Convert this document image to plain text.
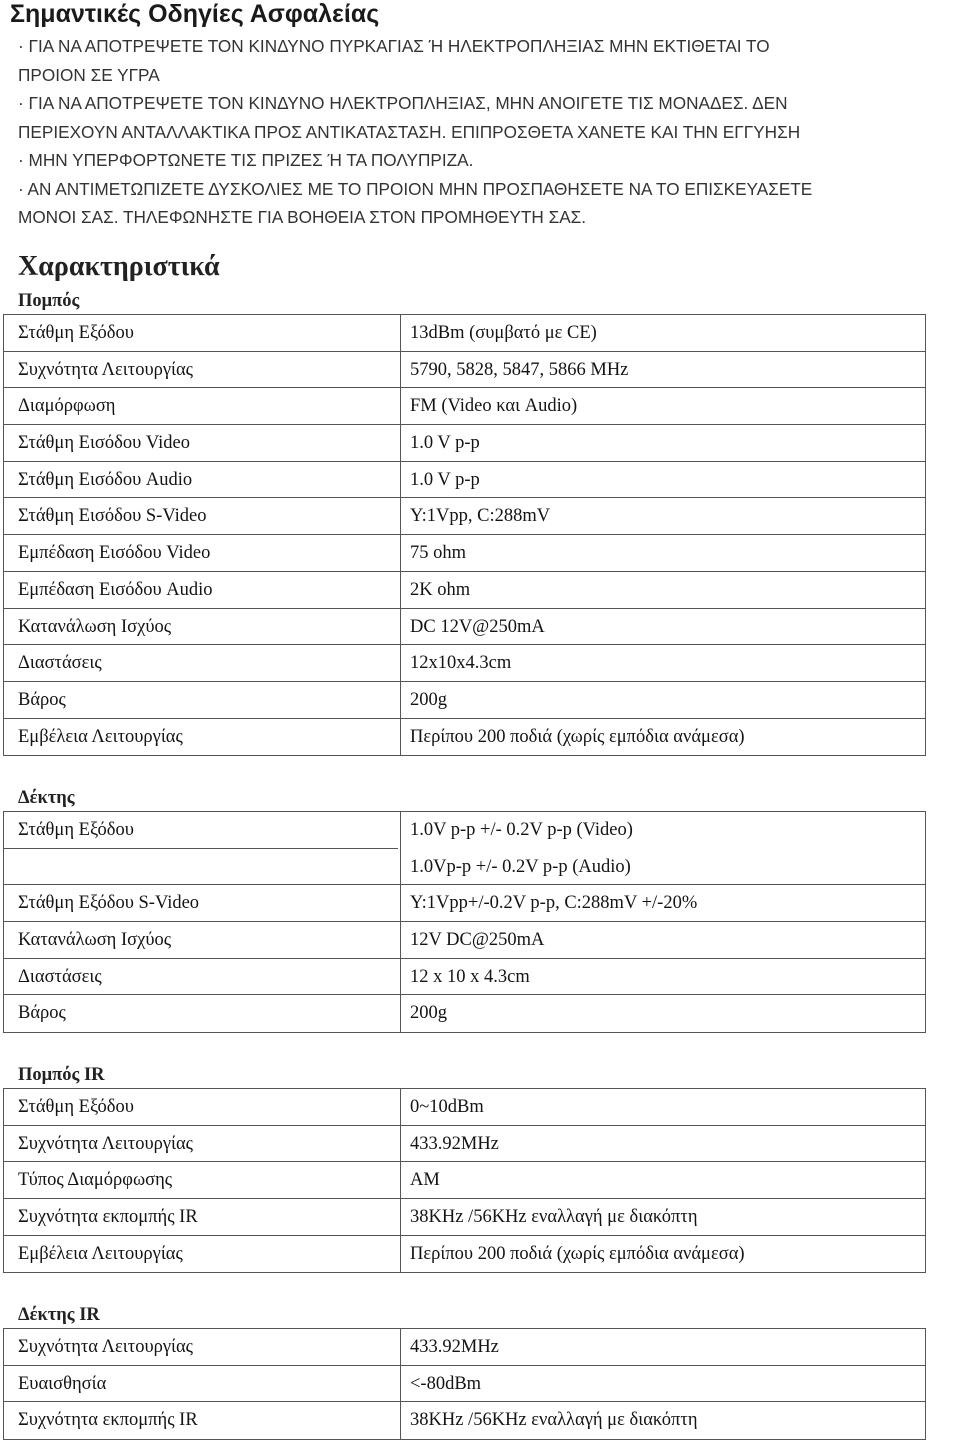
Σημαντικές Οδηγίες Ασφαλείας
· ΓΙΑ ΝΑ ΑΠΟΤΡΕΨΕΤΕ ΤΟΝ ΚΙΝΔΥΝΟ ΠΥΡΚΑΓΙΑΣ Ή ΗΛΕΚΤΡΟΠΛΗΞΙΑΣ ΜΗΝ ΕΚΤΙΘΕΤΑΙ ΤΟ
ΠΡΟΙΟΝ ΣΕ ΥΓΡΑ
· ΓΙΑ ΝΑ ΑΠΟΤΡΕΨΕΤΕ ΤΟΝ ΚΙΝΔΥΝΟ ΗΛΕΚΤΡΟΠΛΗΞΙΑΣ, ΜΗΝ ΑΝΟΙΓΕΤΕ ΤΙΣ ΜΟΝΑΔΕΣ. ΔΕΝ
ΠΕΡΙΕΧΟΥΝ ΑΝΤΑΛΛΑΚΤΙΚΑ ΠΡΟΣ ΑΝΤΙΚΑΤΑΣΤΑΣΗ. ΕΠΙΠΡΟΣΘΕΤΑ ΧΑΝΕΤΕ ΚΑΙ ΤΗΝ ΕΓΓΥΗΣΗ
· ΜΗΝ ΥΠΕΡΦΟΡΤΩΝΕΤΕ ΤΙΣ ΠΡΙΖΕΣ Ή ΤΑ ΠΟΛΥΠΡΙΖΑ.
· ΑΝ ΑΝΤΙΜΕΤΩΠΙΖΕΤΕ ΔΥΣΚΟΛΙΕΣ ΜΕ ΤΟ ΠΡΟΙΟΝ ΜΗΝ ΠΡΟΣΠΑΘΗΣΕΤΕ ΝΑ ΤΟ ΕΠΙΣΚΕΥΑΣΕΤΕ
ΜΟΝΟΙ ΣΑΣ. ΤΗΛΕΦΩΝΗΣΤΕ ΓΙΑ ΒΟΗΘΕΙΑ ΣΤΟΝ ΠΡΟΜΗΘΕΥΤΗ ΣΑΣ.
Χαρακτηριστικά
Πομπός
Στάθμη Εξόδου	13dBm (συμβατό με CE)
Συχνότητα Λειτουργίας	5790, 5828, 5847, 5866 MHz
Διαμόρφωση	FM (Video και Audio)
Στάθμη Εισόδου Video	1.0 V p-p
Στάθμη Εισόδου Audio	1.0 V p-p
Στάθμη Εισόδου S-Video	Y:1Vpp, C:288mV
Εμπέδαση Εισόδου Video	75 ohm
Εμπέδαση Εισόδου Audio	2K ohm
Κατανάλωση Ισχύος	DC 12V@250mA
Διαστάσεις	12x10x4.3cm
Βάρος	200g
Εμβέλεια Λειτουργίας	Περίπου 200 ποδιά (χωρίς εμπόδια ανάμεσα)
Δέκτης
Στάθμη Εξόδου	1.0V p-p +/- 0.2V p-p (Video)
1.0Vp-p +/- 0.2V p-p (Audio)
Στάθμη Εξόδου S-Video	Y:1Vpp+/-0.2V p-p, C:288mV +/-20%
Κατανάλωση Ισχύος	12V DC@250mA
Διαστάσεις	12 x 10 x 4.3cm
Βάρος	200g
Πομπός IR
Στάθμη Εξόδου	0~10dBm
Συχνότητα Λειτουργίας	433.92MHz
Τύπος Διαμόρφωσης	AM
Συχνότητα εκπομπής IR	38KHz /56KHz εναλλαγή με διακόπτη
Εμβέλεια Λειτουργίας	Περίπου 200 ποδιά (χωρίς εμπόδια ανάμεσα)
Δέκτης IR
Συχνότητα Λειτουργίας	433.92MHz
Ευαισθησία	<-80dBm
Συχνότητα εκπομπής IR	38KHz /56KHz εναλλαγή με διακόπτη
